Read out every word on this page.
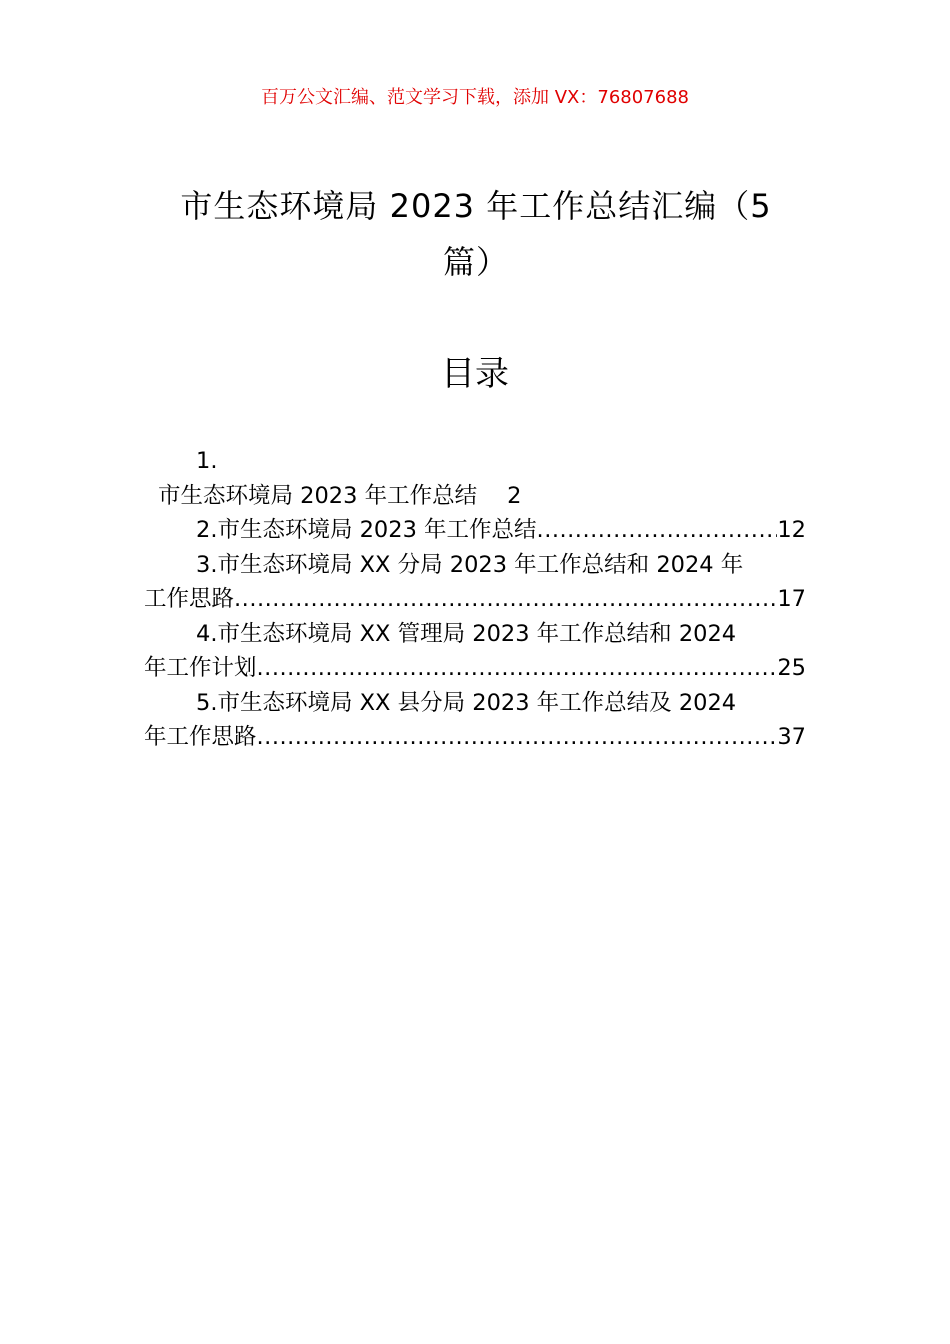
百万公文汇编、范文学习下载，添加 VX：76807688
市生态环境局 2023 年工作总结汇编（5 篇）
目录
1.
市生态环境局 2023 年工作总结 2
2.市生态环境局 2023 年工作总结 .....	12
3.市生态环境局 XX 分局 2023 年工作总结和 2024 年
工作思路 .....	17
4.市生态环境局 XX 管理局 2023 年工作总结和 2024
年工作计划 .....	25
5.市生态环境局 XX 县分局 2023 年工作总结及 2024
年工作思路 .....	37
